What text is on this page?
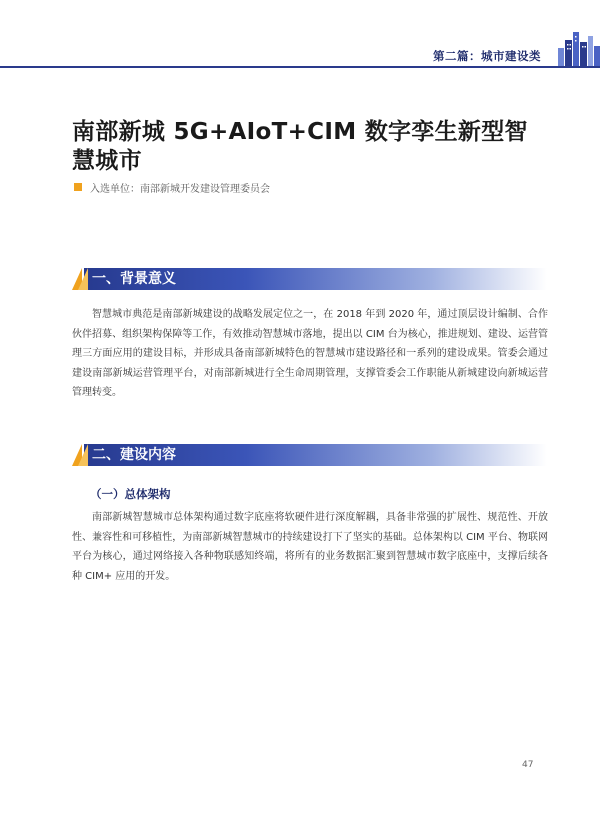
第二篇：城市建设类
南部新城 5G+AIoT+CIM 数字孪生新型智慧城市
入选单位：南部新城开发建设管理委员会
一、背景意义
智慧城市典范是南部新城建设的战略发展定位之一，在 2018 年到 2020 年，通过顶层设计编制、合作伙伴招募、组织架构保障等工作，有效推动智慧城市落地，提出以 CIM 台为核心，推进规划、建设、运营管理三方面应用的建设目标，并形成具备南部新城特色的智慧城市建设路径和一系列的建设成果。管委会通过建设南部新城运营管理平台，对南部新城进行全生命周期管理，支撑管委会工作职能从新城建设向新城运营管理转变。
二、建设内容
（一）总体架构
南部新城智慧城市总体架构通过数字底座将软硬件进行深度解耦，具备非常强的扩展性、规范性、开放性、兼容性和可移植性，为南部新城智慧城市的持续建设打下了坚实的基础。总体架构以 CIM 平台、物联网平台为核心，通过网络接入各种物联感知终端，将所有的业务数据汇聚到智慧城市数字底座中，支撑后续各种 CIM+ 应用的开发。
47
